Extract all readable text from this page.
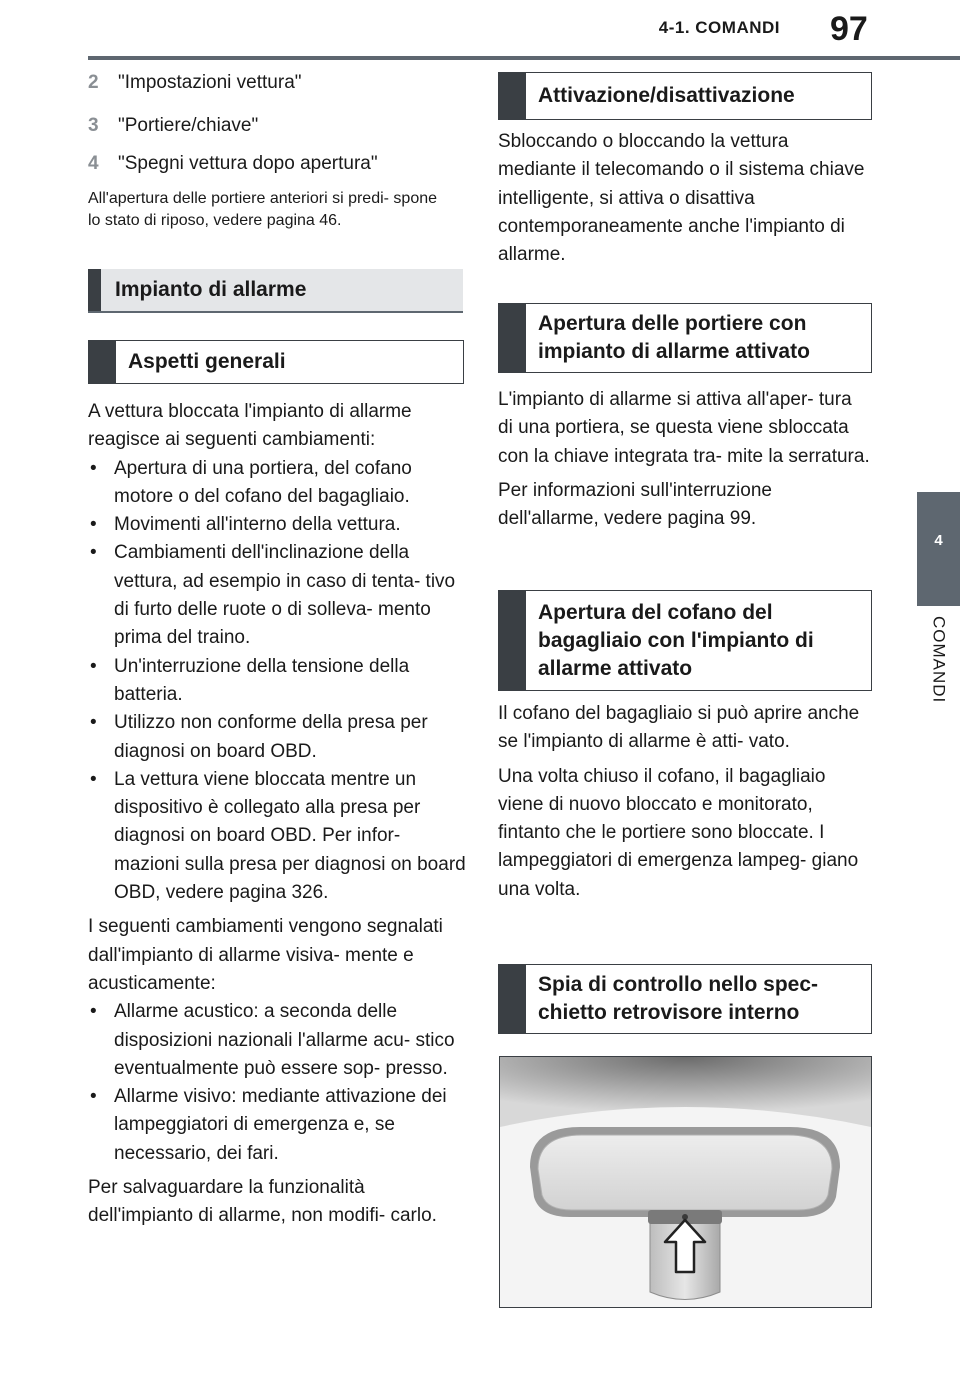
4-1. COMANDI 97
4
COMANDI
2 "Impostazioni vettura"
3 "Portiere/chiave"
4 "Spegni vettura dopo apertura"
All'apertura delle portiere anteriori si predi- spone lo stato di riposo, vedere pagina 46.
Impianto di allarme
Aspetti generali

A vettura bloccata l'impianto di allarme reagisce ai seguenti cambiamenti:

• Apertura di una portiera, del cofano motore o del cofano del bagagliaio.
• Movimenti all'interno della vettura.
• Cambiamenti dell'inclinazione della vettura, ad esempio in caso di tenta- tivo di furto delle ruote o di solleva- mento prima del traino.
• Un'interruzione della tensione della batteria.
• Utilizzo non conforme della presa per diagnosi on board OBD.
• La vettura viene bloccata mentre un dispositivo è collegato alla presa per diagnosi on board OBD. Per infor- mazioni sulla presa per diagnosi on board OBD, vedere pagina 326.

I seguenti cambiamenti vengono segnalati dall'impianto di allarme visiva- mente e acusticamente:

• Allarme acustico: a seconda delle disposizioni nazionali l'allarme acu- stico eventualmente può essere sop- presso.
• Allarme visivo: mediante attivazione dei lampeggiatori di emergenza e, se necessario, dei fari.

Per salvaguardare la funzionalità dell'impianto di allarme, non modifi- carlo.

Attivazione/disattivazione
Sbloccando o bloccando la vettura mediante il telecomando o il sistema chiave intelligente, si attiva o disattiva contemporaneamente anche l'impianto di allarme.
Apertura delle portiere con impianto di allarme attivato

L'impianto di allarme si attiva all'aper- tura di una portiera, se questa viene sbloccata con la chiave integrata tra- mite la serratura.

Per informazioni sull'interruzione dell'allarme, vedere pagina 99.

Apertura del cofano del bagagliaio con l'impianto di allarme attivato

Il cofano del bagagliaio si può aprire anche se l'impianto di allarme è atti- vato.

Una volta chiuso il cofano, il bagagliaio viene di nuovo bloccato e monitorato, fintanto che le portiere sono bloccate. I lampeggiatori di emergenza lampeg- giano una volta.

Spia di controllo nello spec- chietto retrovisore interno
